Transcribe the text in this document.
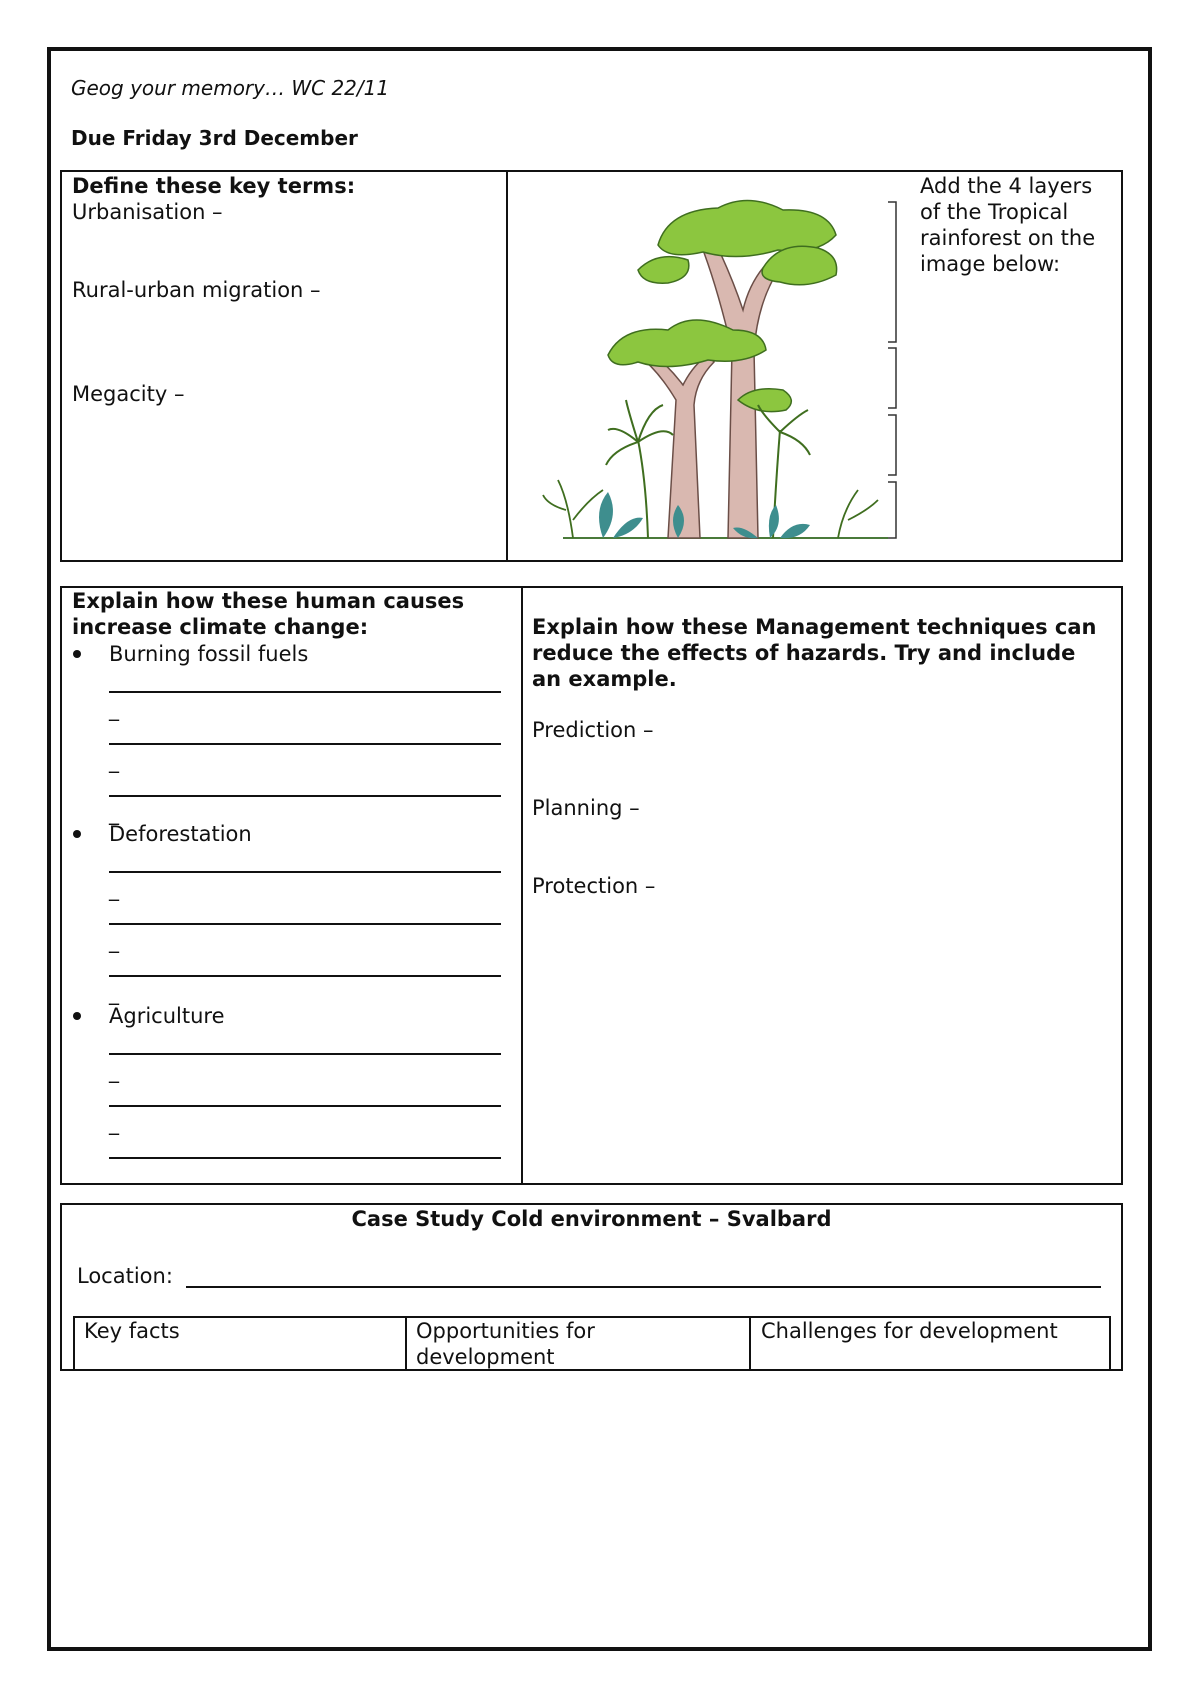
Geog your memory… WC 22/11
Due Friday 3rd December
Define these key terms:
Urbanisation –
Rural-urban migration –
Megacity –
Add the 4 layers of the Tropical rainforest on the image below:
Explain how these human causes increase climate change:
Burning fossil fuels
_
_
_
Deforestation
_
_
_
Agriculture
_
_
Explain how these Management techniques can reduce the effects of hazards. Try and include an example.
Prediction –
Planning –
Protection –
Case Study Cold environment – Svalbard
Location:
Key facts	Opportunities for development
Challenges for development
